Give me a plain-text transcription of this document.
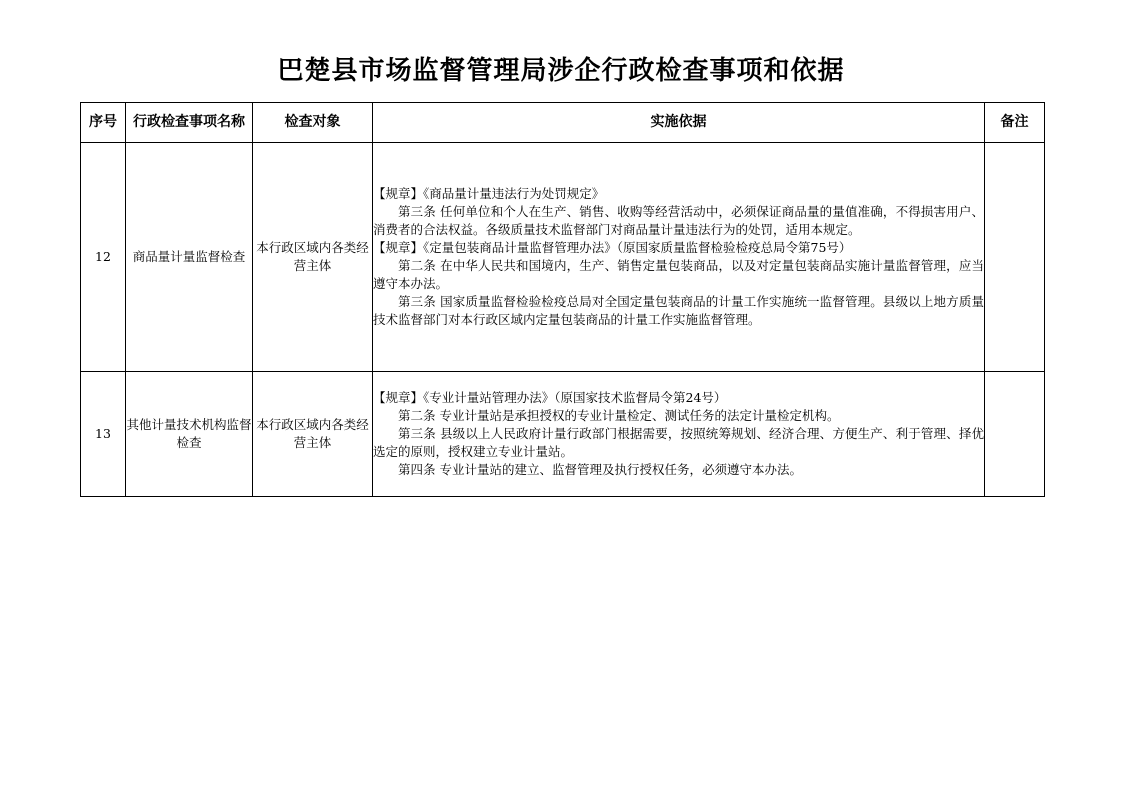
巴楚县市场监督管理局涉企行政检查事项和依据
序号	行政检查事项名称	检查对象	实施依据	备注
12	商品量计量监督检查	本行政区域内各类经营主体	【规章】《商品量计量违法行为处罚规定》

第三条 任何单位和个人在生产、销售、收购等经营活动中，必须保证商品量的量值准确，不得损害用户、消费者的合法权益。各级质量技术监督部门对商品量计量违法行为的处罚，适用本规定。

【规章】《定量包装商品计量监督管理办法》（原国家质量监督检验检疫总局令第75号）

第二条 在中华人民共和国境内，生产、销售定量包装商品，以及对定量包装商品实施计量监督管理，应当遵守本办法。

第三条 国家质量监督检验检疫总局对全国定量包装商品的计量工作实施统一监督管理。县级以上地方质量技术监督部门对本行政区域内定量包装商品的计量工作实施监督管理。	

13	其他计量技术机构监督检查	本行政区域内各类经营主体	【规章】《专业计量站管理办法》（原国家技术监督局令第24号）

第二条 专业计量站是承担授权的专业计量检定、测试任务的法定计量检定机构。

第三条 县级以上人民政府计量行政部门根据需要，按照统筹规划、经济合理、方便生产、利于管理、择优选定的原则，授权建立专业计量站。

第四条 专业计量站的建立、监督管理及执行授权任务，必须遵守本办法。	
